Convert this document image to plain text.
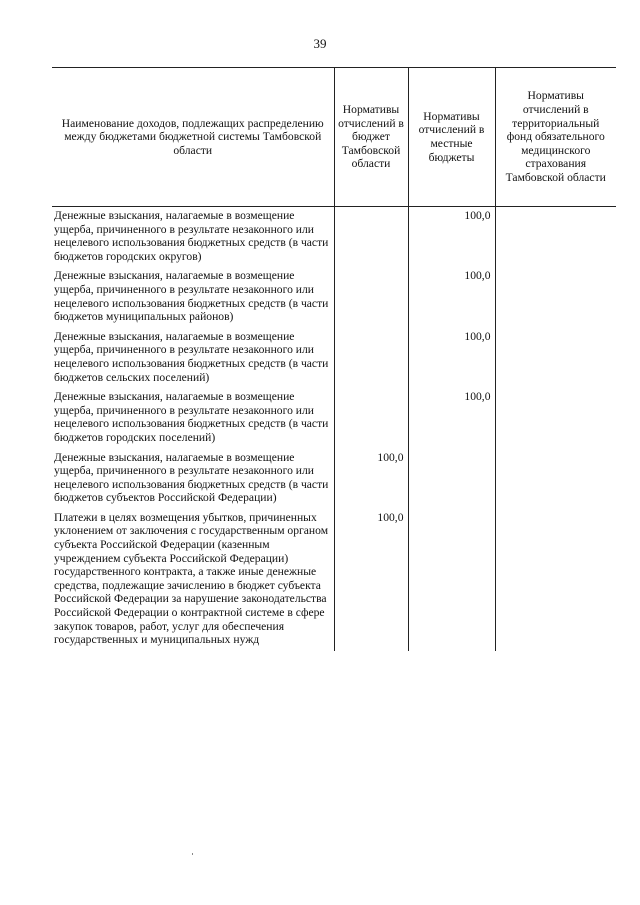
39
Наименование доходов, подлежащих распределению между бюджетами бюджетной системы Тамбовской области	Нормативы отчислений в бюджет Тамбовской области	Нормативы отчислений в местные бюджеты	Нормативы отчислений в территориальный фонд обязательного медицинского страхования Тамбовской области
Денежные взыскания, налагаемые в возмещение ущерба, причиненного в результате незаконного или нецелевого использования бюджетных средств (в части бюджетов городских округов)		100,0	
Денежные взыскания, налагаемые в возмещение ущерба, причиненного в результате незаконного или нецелевого использования бюджетных средств (в части бюджетов муниципальных районов)		100,0	
Денежные взыскания, налагаемые в возмещение ущерба, причиненного в результате незаконного или нецелевого использования бюджетных средств (в части бюджетов сельских поселений)		100,0	
Денежные взыскания, налагаемые в возмещение ущерба, причиненного в результате незаконного или нецелевого использования бюджетных средств (в части бюджетов городских поселений)		100,0	
Денежные взыскания, налагаемые в возмещение ущерба, причиненного в результате незаконного или нецелевого использования бюджетных средств (в части бюджетов субъектов Российской Федерации)	100,0		
Платежи в целях возмещения убытков, причиненных уклонением от заключения с государственным органом субъекта Российской Федерации (казенным учреждением субъекта Российской Федерации) государственного контракта, а также иные денежные средства, подлежащие зачислению в бюджет субъекта Российской Федерации за нарушение законодательства Российской Федерации о контрактной системе в сфере закупок товаров, работ, услуг для обеспечения государственных и муниципальных нужд	100,0		
